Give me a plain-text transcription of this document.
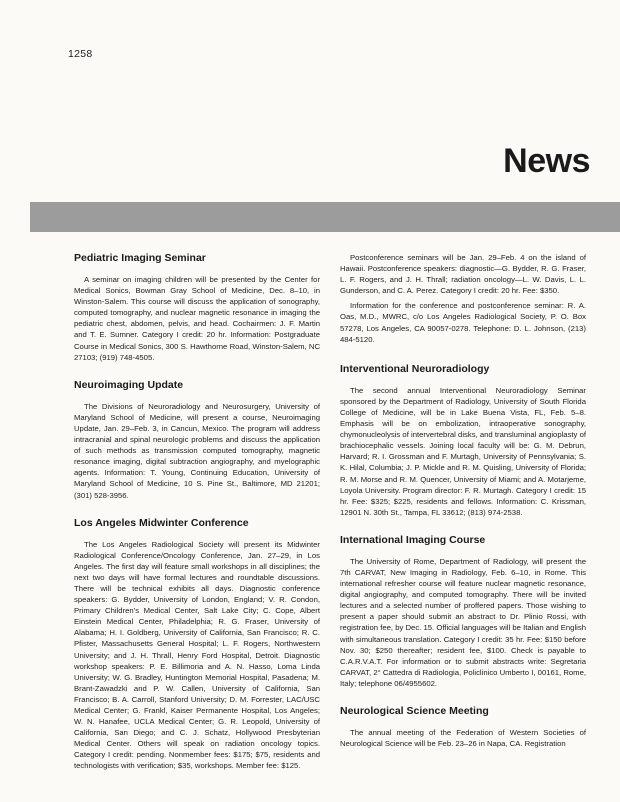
1258
News
Pediatric Imaging Seminar

A seminar on imaging children will be presented by the Center for Medical Sonics, Bowman Gray School of Medicine, Dec. 8–10, in Winston-Salem. This course will discuss the application of sonography, computed tomography, and nuclear magnetic resonance in imaging the pediatric chest, abdomen, pelvis, and head. Cochairmen: J. F. Martin and T. E. Sumner. Category I credit: 20 hr. Information: Postgraduate Course in Medical Sonics, 300 S. Hawthorne Road, Winston-Salem, NC 27103; (919) 748-4505.

Neuroimaging Update

The Divisions of Neuroradiology and Neurosurgery, University of Maryland School of Medicine, will present a course, Neuroimaging Update, Jan. 29–Feb. 3, in Cancun, Mexico. The program will address intracranial and spinal neurologic problems and discuss the application of such methods as transmission computed tomography, magnetic resonance imaging, digital subtraction angiography, and myelographic agents. Information: T. Young, Continuing Education, University of Maryland School of Medicine, 10 S. Pine St., Baltimore, MD 21201; (301) 528-3956.

Los Angeles Midwinter Conference

The Los Angeles Radiological Society will present its Midwinter Radiological Conference/Oncology Conference, Jan. 27–29, in Los Angeles. The first day will feature small workshops in all disciplines; the next two days will have formal lectures and roundtable discussions. There will be technical exhibits all days. Diagnostic conference speakers: G. Bydder, University of London, England; V. R. Condon, Primary Children’s Medical Center, Salt Lake City; C. Cope, Albert Einstein Medical Center, Philadelphia; R. G. Fraser, University of Alabama; H. I. Goldberg, University of California, San Francisco; R. C. Pfister, Massachusetts General Hospital; L. F. Rogers, Northwestern University; and J. H. Thrall, Henry Ford Hospital, Detroit. Diagnostic workshop speakers: P. E. Billimoria and A. N. Hasso, Loma Linda University; W. G. Bradley, Huntington Memorial Hospital, Pasadena; M. Brant-Zawadzki and P. W. Callen, University of California, San Francisco; B. A. Carroll, Stanford University; D. M. Forrester, LAC/USC Medical Center; G. Frankl, Kaiser Permanente Hospital, Los Angeles; W. N. Hanafee, UCLA Medical Center; G. R. Leopold, University of California, San Diego; and C. J. Schatz, Hollywood Presbyterian Medical Center. Others will speak on radiation oncology topics. Category I credit: pending. Nonmember fees: $175; $75, residents and technologists with verification; $35, workshops. Member fee: $125.

Postconference seminars will be Jan. 29–Feb. 4 on the island of Hawaii. Postconference speakers: diagnostic—G. Bydder, R. G. Fraser, L. F. Rogers, and J. H. Thrall; radiation oncology—L. W. Davis, L. L. Gunderson, and C. A. Perez. Category I credit: 20 hr. Fee: $350.

Information for the conference and postconference seminar: R. A. Oas, M.D., MWRC, c/o Los Angeles Radiological Society, P. O. Box 57278, Los Angeles, CA 90057-0278. Telephone: D. L. Johnson, (213) 484-5120.

Interventional Neuroradiology

The second annual Interventional Neuroradiology Seminar sponsored by the Department of Radiology, University of South Florida College of Medicine, will be in Lake Buena Vista, FL, Feb. 5–8. Emphasis will be on embolization, intraoperative sonography, chymonucleolysis of intervertebral disks, and transluminal angioplasty of brachiocephalic vessels. Joining local faculty will be: G. M. Debrun, Harvard; R. I. Grossman and F. Murtagh, University of Pennsylvania; S. K. Hilal, Columbia; J. P. Mickle and R. M. Quisling, University of Florida; R. M. Morse and R. M. Quencer, University of Miami; and A. Motarjeme, Loyola University. Program director: F. R. Murtagh. Category I credit: 15 hr. Fee: $325; $225, residents and fellows. Information: C. Krissman, 12901 N. 30th St., Tampa, FL 33612; (813) 974-2538.

International Imaging Course

The University of Rome, Department of Radiology, will present the 7th CARVAT, New Imaging in Radiology, Feb. 6–10, in Rome. This international refresher course will feature nuclear magnetic resonance, digital angiography, and computed tomography. There will be invited lectures and a selected number of proffered papers. Those wishing to present a paper should submit an abstract to Dr. Plinio Rossi, with registration fee, by Dec. 15. Official languages will be Italian and English with simultaneous translation. Category I credit: 35 hr. Fee: $150 before Nov. 30; $250 thereafter; resident fee, $100. Check is payable to C.A.R.V.A.T. For information or to submit abstracts write: Segretaria CARVAT, 2° Cattedra di Radiologia, Policlinico Umberto I, 00161, Rome, Italy; telephone 06/4955602.

Neurological Science Meeting

The annual meeting of the Federation of Western Societies of Neurological Science will be Feb. 23–26 in Napa, CA. Registration
